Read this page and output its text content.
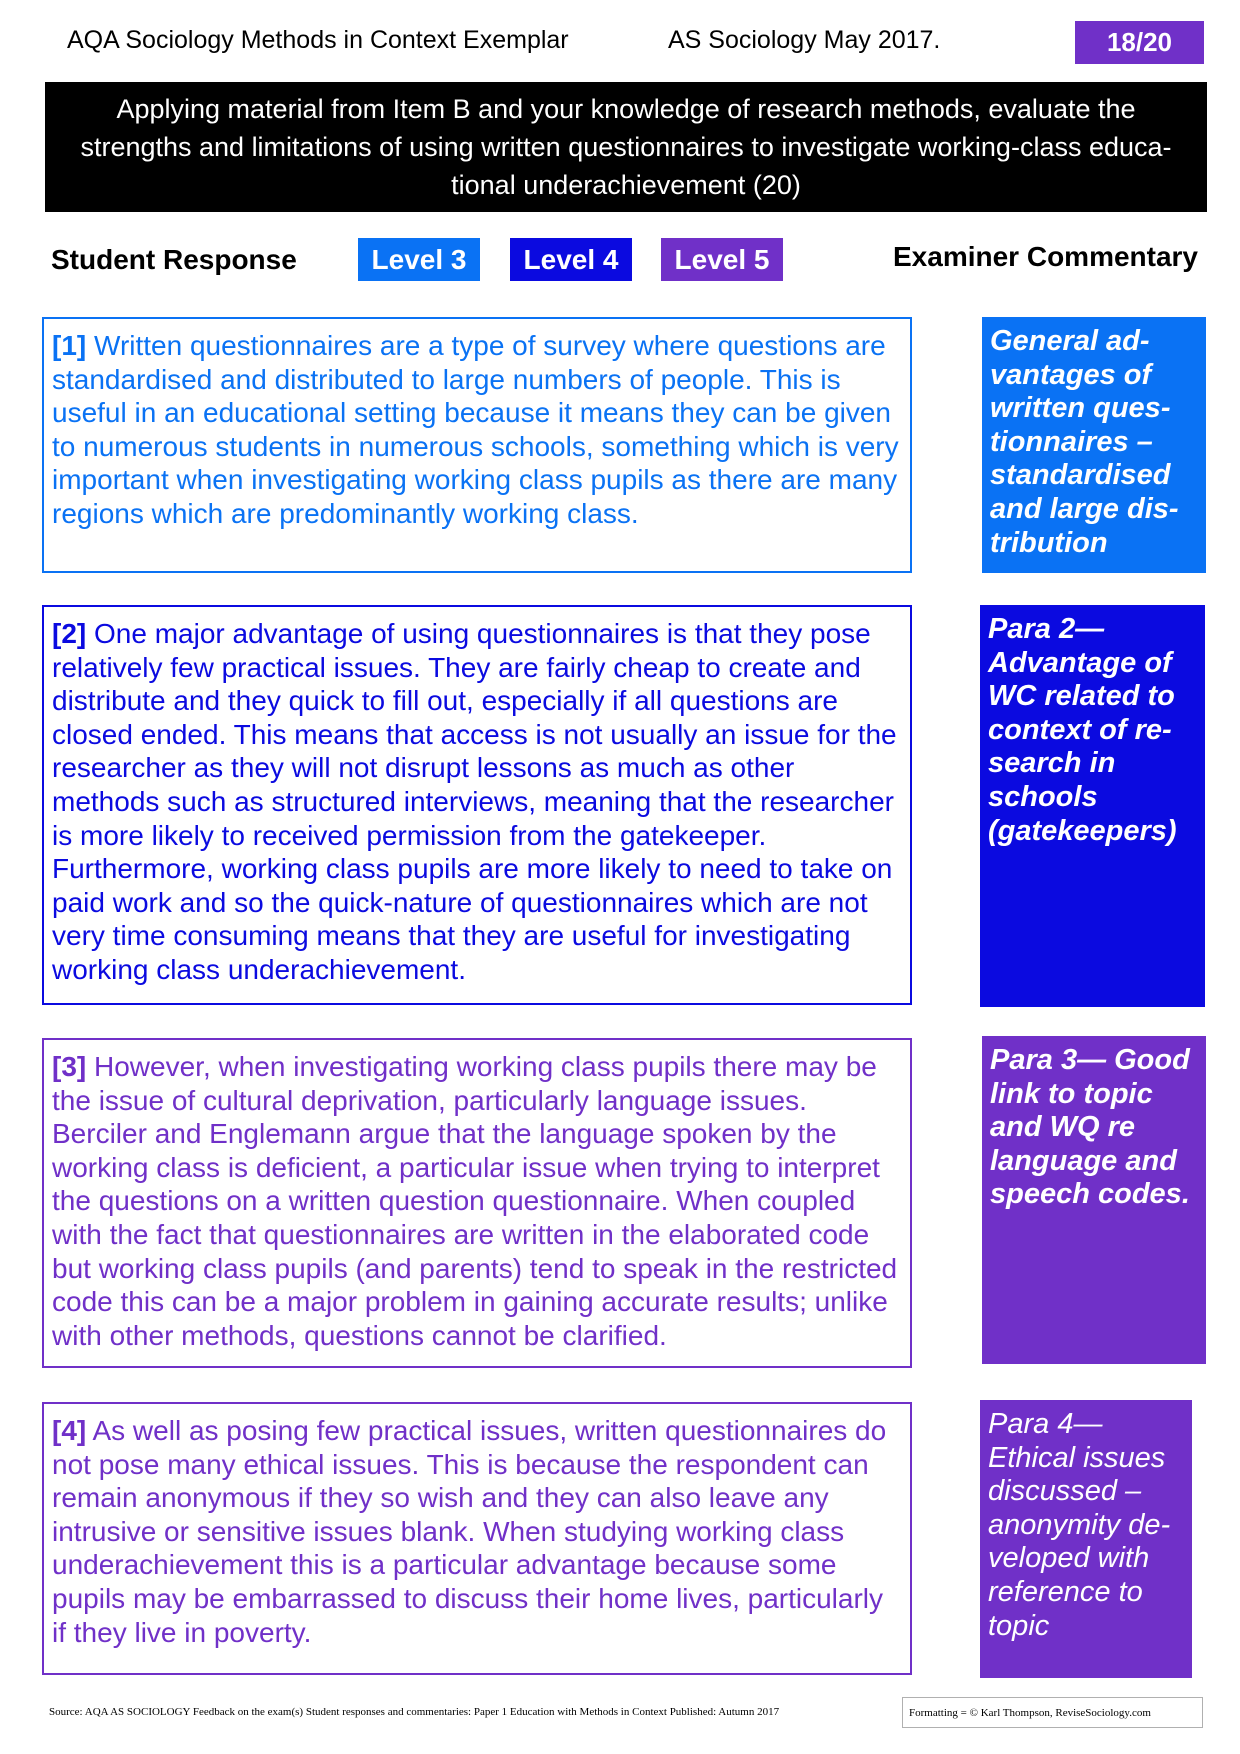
AQA Sociology Methods in Context Exemplar	AS Sociology May 2017.	18/20
Applying material from Item B and your knowledge of research methods, evaluate the strengths and limitations of using written questionnaires to investigate working-class educational underachievement (20)
Student Response	Level 3	Level 4	Level 5	Examiner Commentary
[1] Written questionnaires are a type of survey where questions are standardised and distributed to large numbers of people. This is useful in an educational setting because it means they can be given to numerous students in numerous schools, something which is very important when investigating working class pupils as there are many regions which are predominantly working class.
[2] One major advantage of using questionnaires is that they pose relatively few practical issues. They are fairly cheap to create and distribute and they quick to fill out, especially if all questions are closed ended. This means that access is not usually an issue for the researcher as they will not disrupt lessons as much as other methods such as structured interviews, meaning that the researcher is more likely to received permission from the gatekeeper. Furthermore, working class pupils are more likely to need to take on paid work and so the quick-nature of questionnaires which are not very time consuming means that they are useful for investigating working class underachievement.
[3] However, when investigating working class pupils there may be the issue of cultural deprivation, particularly language issues. Berciler and Englemann argue that the language spoken by the working class is deficient, a particular issue when trying to interpret the questions on a written question questionnaire. When coupled with the fact that questionnaires are written in the elaborated code but working class pupils (and parents) tend to speak in the restricted code this can be a major problem in gaining accurate results; unlike with other methods, questions cannot be clarified.
[4] As well as posing few practical issues, written questionnaires do not pose many ethical issues. This is because the respondent can remain anonymous if they so wish and they can also leave any intrusive or sensitive issues blank. When studying working class underachievement this is a particular advantage because some pupils may be embarrassed to discuss their home lives, particularly if they live in poverty.
General advantages of written questionnaires – standardised and large distribution
Para 2— Advantage of WC related to context of research in schools (gatekeepers)
Para 3— Good link to topic and WQ re language and speech codes.
Para 4— Ethical issues discussed – anonymity developed with reference to topic
Source: AQA AS SOCIOLOGY Feedback on the exam(s) Student responses and commentaries: Paper 1 Education with Methods in Context Published: Autumn 2017	Formatting = © Karl Thompson, ReviseSociology.com
